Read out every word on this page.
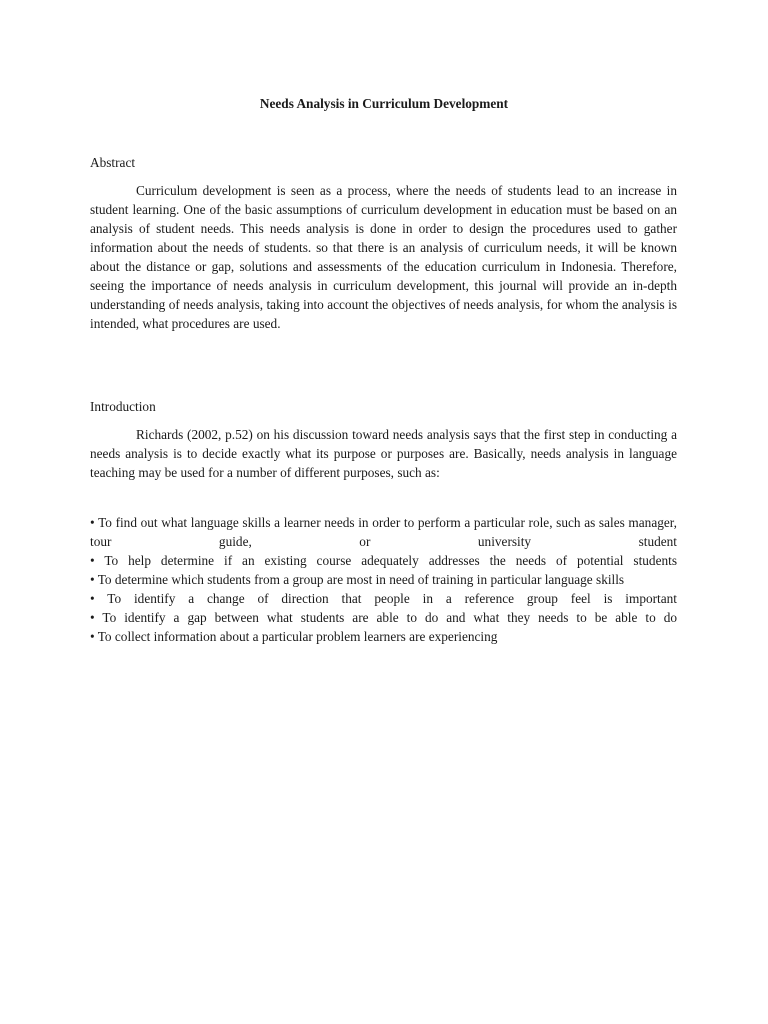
Needs Analysis in Curriculum Development
Abstract

Curriculum development is seen as a process, where the needs of students lead to an increase in student learning. One of the basic assumptions of curriculum development in education must be based on an analysis of student needs. This needs analysis is done in order to design the procedures used to gather information about the needs of students. so that there is an analysis of curriculum needs, it will be known about the distance or gap, solutions and assessments of the education curriculum in Indonesia. Therefore, seeing the importance of needs analysis in curriculum development, this journal will provide an in-depth understanding of needs analysis, taking into account the objectives of needs analysis, for whom the analysis is intended, what procedures are used.

Introduction

Richards (2002, p.52) on his discussion toward needs analysis says that the first step in conducting a needs analysis is to decide exactly what its purpose or purposes are. Basically, needs analysis in language teaching may be used for a number of different purposes, such as:

• To find out what language skills a learner needs in order to perform a particular role, such as sales manager, tour guide, or university student
• To help determine if an existing course adequately addresses the needs of potential students
• To determine which students from a group are most in need of training in particular language skills
• To identify a change of direction that people in a reference group feel is important
• To identify a gap between what students are able to do and what they needs to be able to do
• To collect information about a particular problem learners are experiencing
